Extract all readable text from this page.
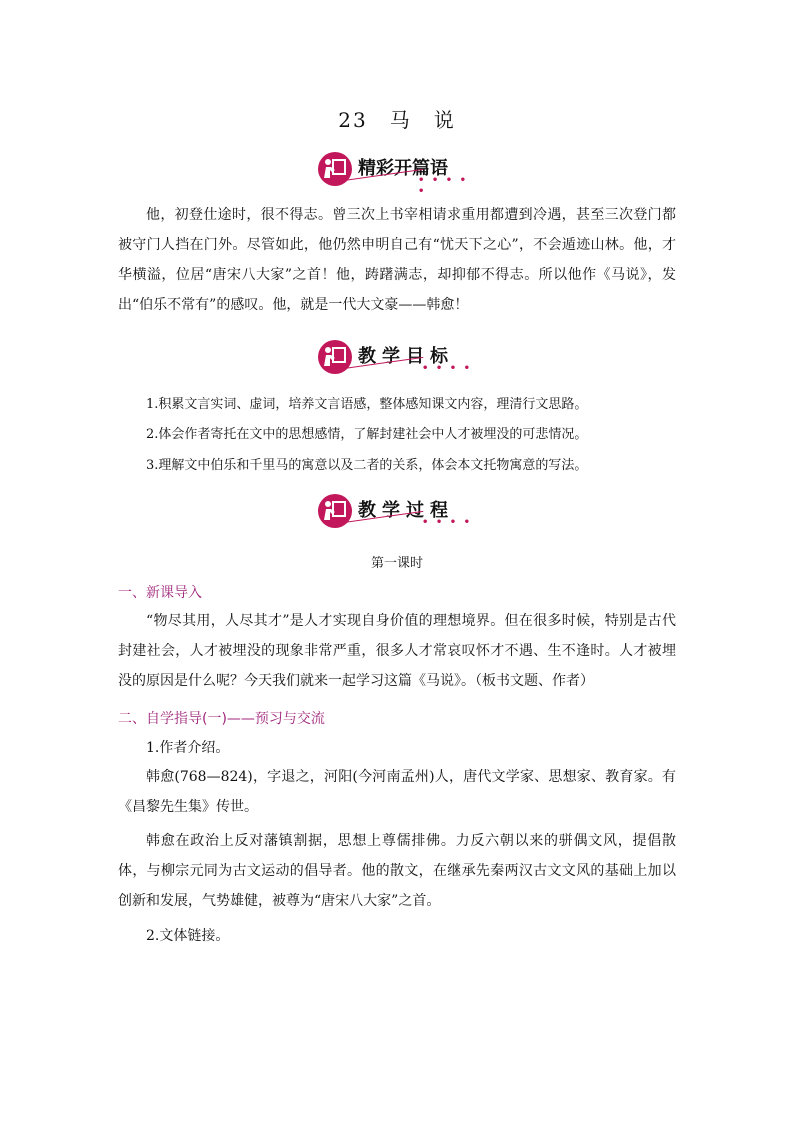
23　马　说
精彩开篇语
• • • • •
他，初登仕途时，很不得志。曾三次上书宰相请求重用都遭到冷遇，甚至三次登门都被守门人挡在门外。尽管如此，他仍然申明自己有“忧天下之心”，不会遁迹山林。他，才华横溢，位居“唐宋八大家”之首！他，踌躇满志，却抑郁不得志。所以他作《马说》，发出“伯乐不常有”的感叹。他，就是一代大文豪——韩愈！
教学目标
• • • •
1.积累文言实词、虚词，培养文言语感，整体感知课文内容，理清行文思路。
2.体会作者寄托在文中的思想感情，了解封建社会中人才被埋没的可悲情况。
3.理解文中伯乐和千里马的寓意以及二者的关系，体会本文托物寓意的写法。
教学过程
• • • •
第一课时
一、新课导入
“物尽其用，人尽其才”是人才实现自身价值的理想境界。但在很多时候，特别是古代封建社会，人才被埋没的现象非常严重，很多人才常哀叹怀才不遇、生不逢时。人才被埋没的原因是什么呢？今天我们就来一起学习这篇《马说》。（板书文题、作者）
二、自学指导(一)——预习与交流
1.作者介绍。
韩愈(768—824)，字退之，河阳(今河南孟州)人，唐代文学家、思想家、教育家。有《昌黎先生集》传世。
韩愈在政治上反对藩镇割据，思想上尊儒排佛。力反六朝以来的骈偶文风，提倡散体，与柳宗元同为古文运动的倡导者。他的散文，在继承先秦两汉古文文风的基础上加以创新和发展，气势雄健，被尊为“唐宋八大家”之首。
2.文体链接。
